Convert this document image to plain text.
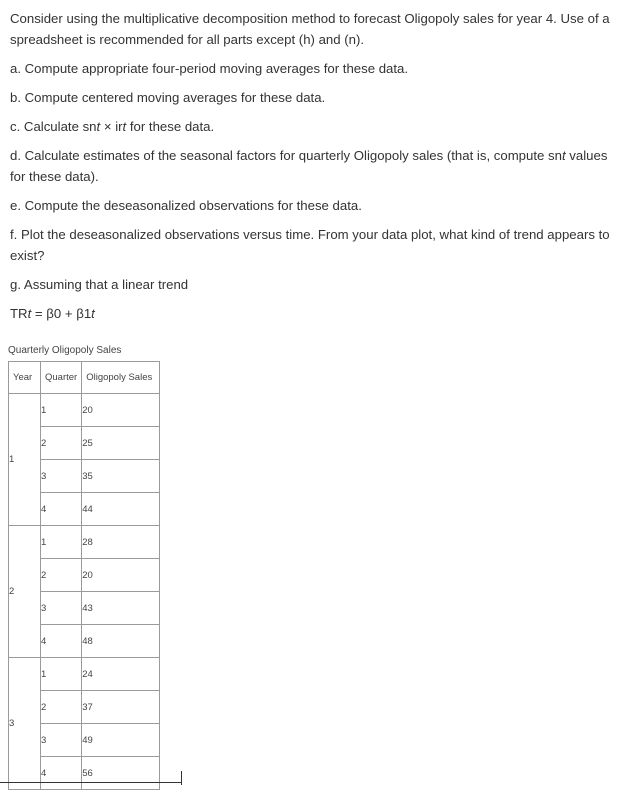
Consider using the multiplicative decomposition method to forecast Oligopoly sales for year 4. Use of a spreadsheet is recommended for all parts except (h) and (n).

a. Compute appropriate four-period moving averages for these data.

b. Compute centered moving averages for these data.

c. Calculate snt × irt for these data.

d. Calculate estimates of the seasonal factors for quarterly Oligopoly sales (that is, compute snt values for these data).

e. Compute the deseasonalized observations for these data.

f. Plot the deseasonalized observations versus time. From your data plot, what kind of trend appears to exist?

g. Assuming that a linear trend

TRt = β0 + β1t

Quarterly Oligopoly Sales
Year	Quarter	Oligopoly Sales
1	1	20
	2	25
	3	35
	4	44
2	1	28
	2	20
	3	43
	4	48
3	1	24
	2	37
	3	49
	4	56
